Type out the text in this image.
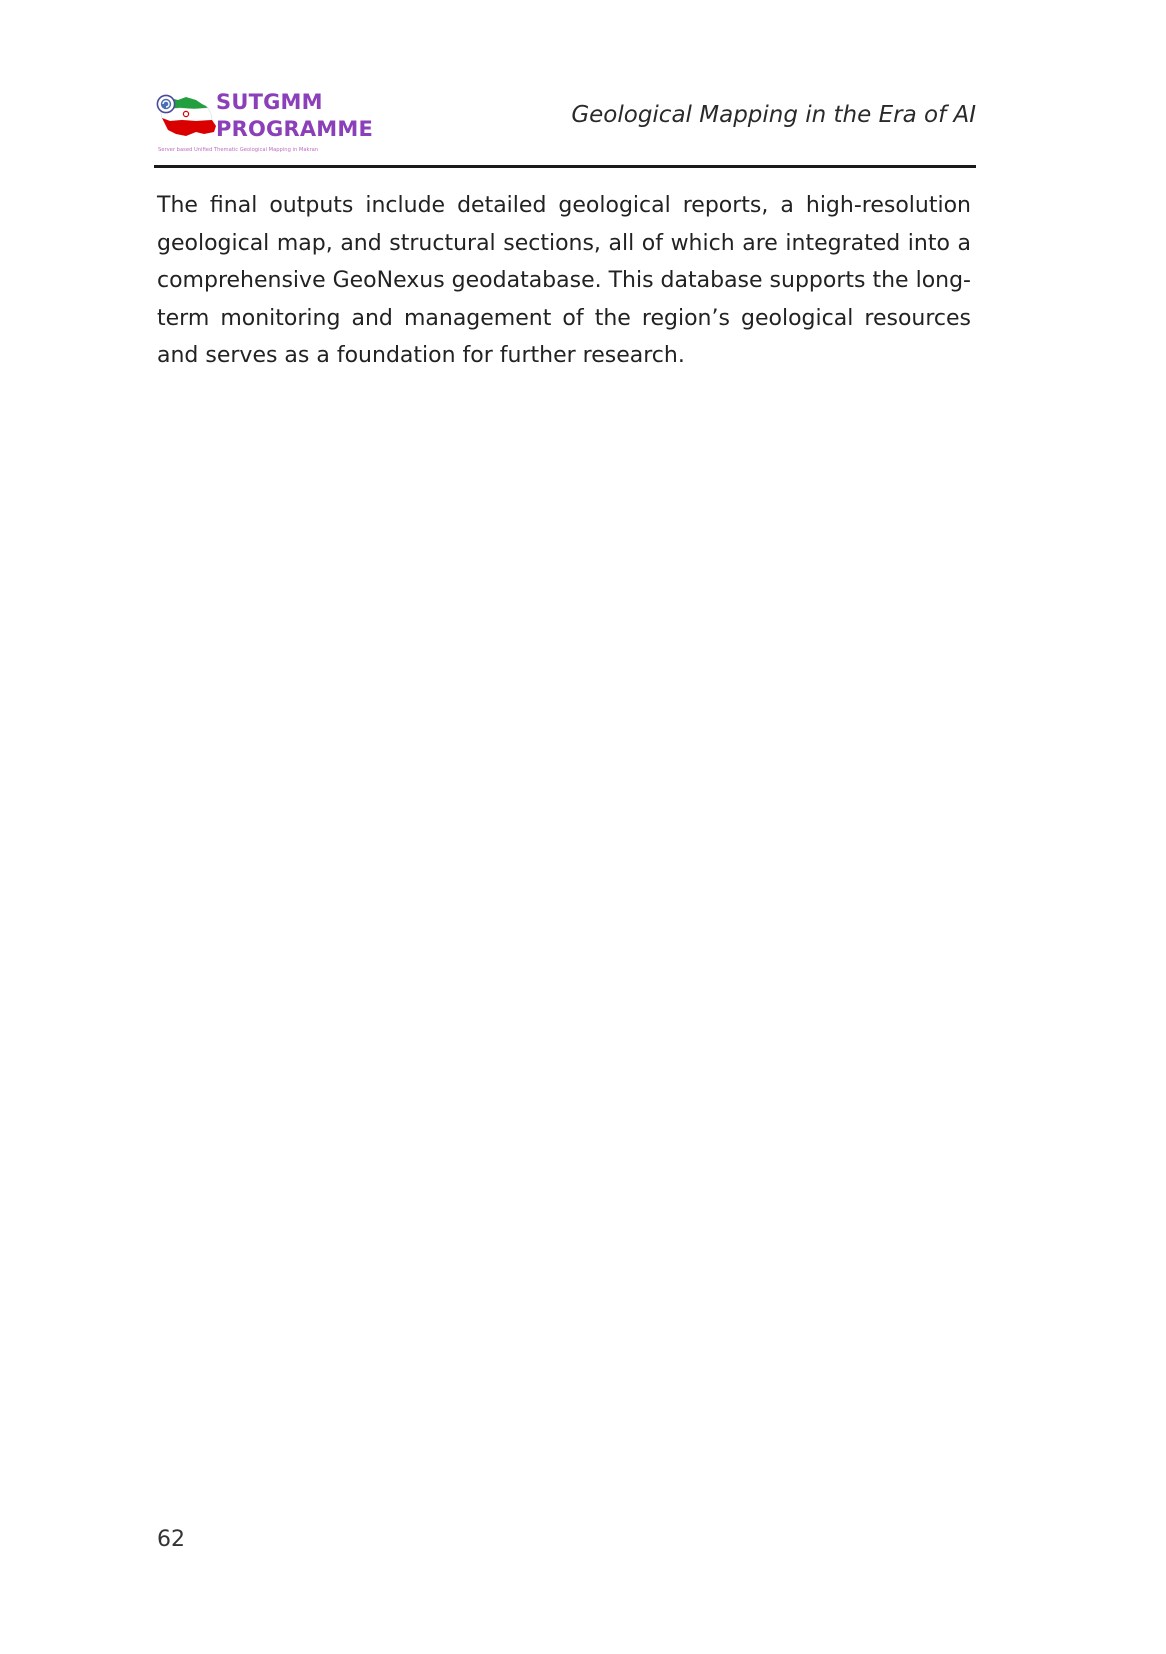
SUTGMM
PROGRAMME
Server based Unified Thematic Geological Mapping in Makran
Geological Mapping in the Era of AI

The final outputs include detailed geological reports, a high-resolution geological map, and structural sections, all of which are integrated into a comprehensive GeoNexus geodatabase. This database supports the long-term monitoring and management of the region’s geological resources and serves as a foundation for further research.

62
